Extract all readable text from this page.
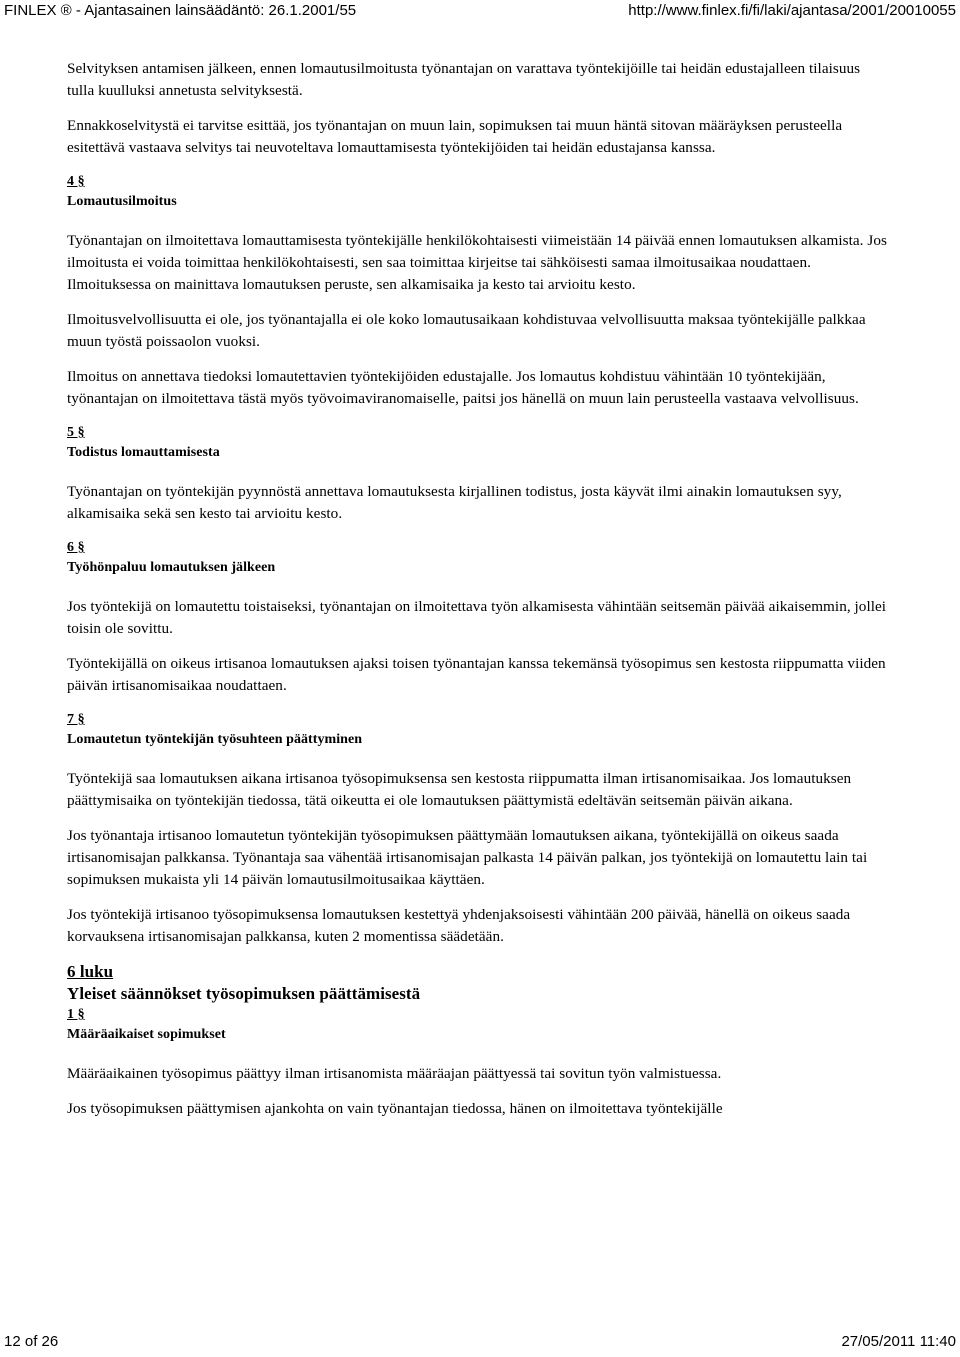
FINLEX ® - Ajantasainen lainsäädäntö: 26.1.2001/55	http://www.finlex.fi/fi/laki/ajantasa/2001/20010055

Selvityksen antamisen jälkeen, ennen lomautusilmoitusta työnantajan on varattava työntekijöille tai heidän edustajalleen tilaisuus tulla kuulluksi annetusta selvityksestä.

Ennakkoselvitystä ei tarvitse esittää, jos työnantajan on muun lain, sopimuksen tai muun häntä sitovan määräyksen perusteella esitettävä vastaava selvitys tai neuvoteltava lomauttamisesta työntekijöiden tai heidän edustajansa kanssa.

4 §
Lomautusilmoitus

Työnantajan on ilmoitettava lomauttamisesta työntekijälle henkilökohtaisesti viimeistään 14 päivää ennen lomautuksen alkamista. Jos ilmoitusta ei voida toimittaa henkilökohtaisesti, sen saa toimittaa kirjeitse tai sähköisesti samaa ilmoitusaikaa noudattaen. Ilmoituksessa on mainittava lomautuksen peruste, sen alkamisaika ja kesto tai arvioitu kesto.

Ilmoitusvelvollisuutta ei ole, jos työnantajalla ei ole koko lomautusaikaan kohdistuvaa velvollisuutta maksaa työntekijälle palkkaa muun työstä poissaolon vuoksi.

Ilmoitus on annettava tiedoksi lomautettavien työntekijöiden edustajalle. Jos lomautus kohdistuu vähintään 10 työntekijään, työnantajan on ilmoitettava tästä myös työvoimaviranomaiselle, paitsi jos hänellä on muun lain perusteella vastaava velvollisuus.

5 §
Todistus lomauttamisesta

Työnantajan on työntekijän pyynnöstä annettava lomautuksesta kirjallinen todistus, josta käyvät ilmi ainakin lomautuksen syy, alkamisaika sekä sen kesto tai arvioitu kesto.

6 §
Työhönpaluu lomautuksen jälkeen

Jos työntekijä on lomautettu toistaiseksi, työnantajan on ilmoitettava työn alkamisesta vähintään seitsemän päivää aikaisemmin, jollei toisin ole sovittu.

Työntekijällä on oikeus irtisanoa lomautuksen ajaksi toisen työnantajan kanssa tekemänsä työsopimus sen kestosta riippumatta viiden päivän irtisanomisaikaa noudattaen.

7 §
Lomautetun työntekijän työsuhteen päättyminen

Työntekijä saa lomautuksen aikana irtisanoa työsopimuksensa sen kestosta riippumatta ilman irtisanomisaikaa. Jos lomautuksen päättymisaika on työntekijän tiedossa, tätä oikeutta ei ole lomautuksen päättymistä edeltävän seitsemän päivän aikana.

Jos työnantaja irtisanoo lomautetun työntekijän työsopimuksen päättymään lomautuksen aikana, työntekijällä on oikeus saada irtisanomisajan palkkansa. Työnantaja saa vähentää irtisanomisajan palkasta 14 päivän palkan, jos työntekijä on lomautettu lain tai sopimuksen mukaista yli 14 päivän lomautusilmoitusaikaa käyttäen.

Jos työntekijä irtisanoo työsopimuksensa lomautuksen kestettyä yhdenjaksoisesti vähintään 200 päivää, hänellä on oikeus saada korvauksena irtisanomisajan palkkansa, kuten 2 momentissa säädetään.

6 luku
Yleiset säännökset työsopimuksen päättämisestä
1 §
Määräaikaiset sopimukset

Määräaikainen työsopimus päättyy ilman irtisanomista määräajan päättyessä tai sovitun työn valmistuessa.

Jos työsopimuksen päättymisen ajankohta on vain työnantajan tiedossa, hänen on ilmoitettava työntekijälle

12 of 26	27/05/2011 11:40
